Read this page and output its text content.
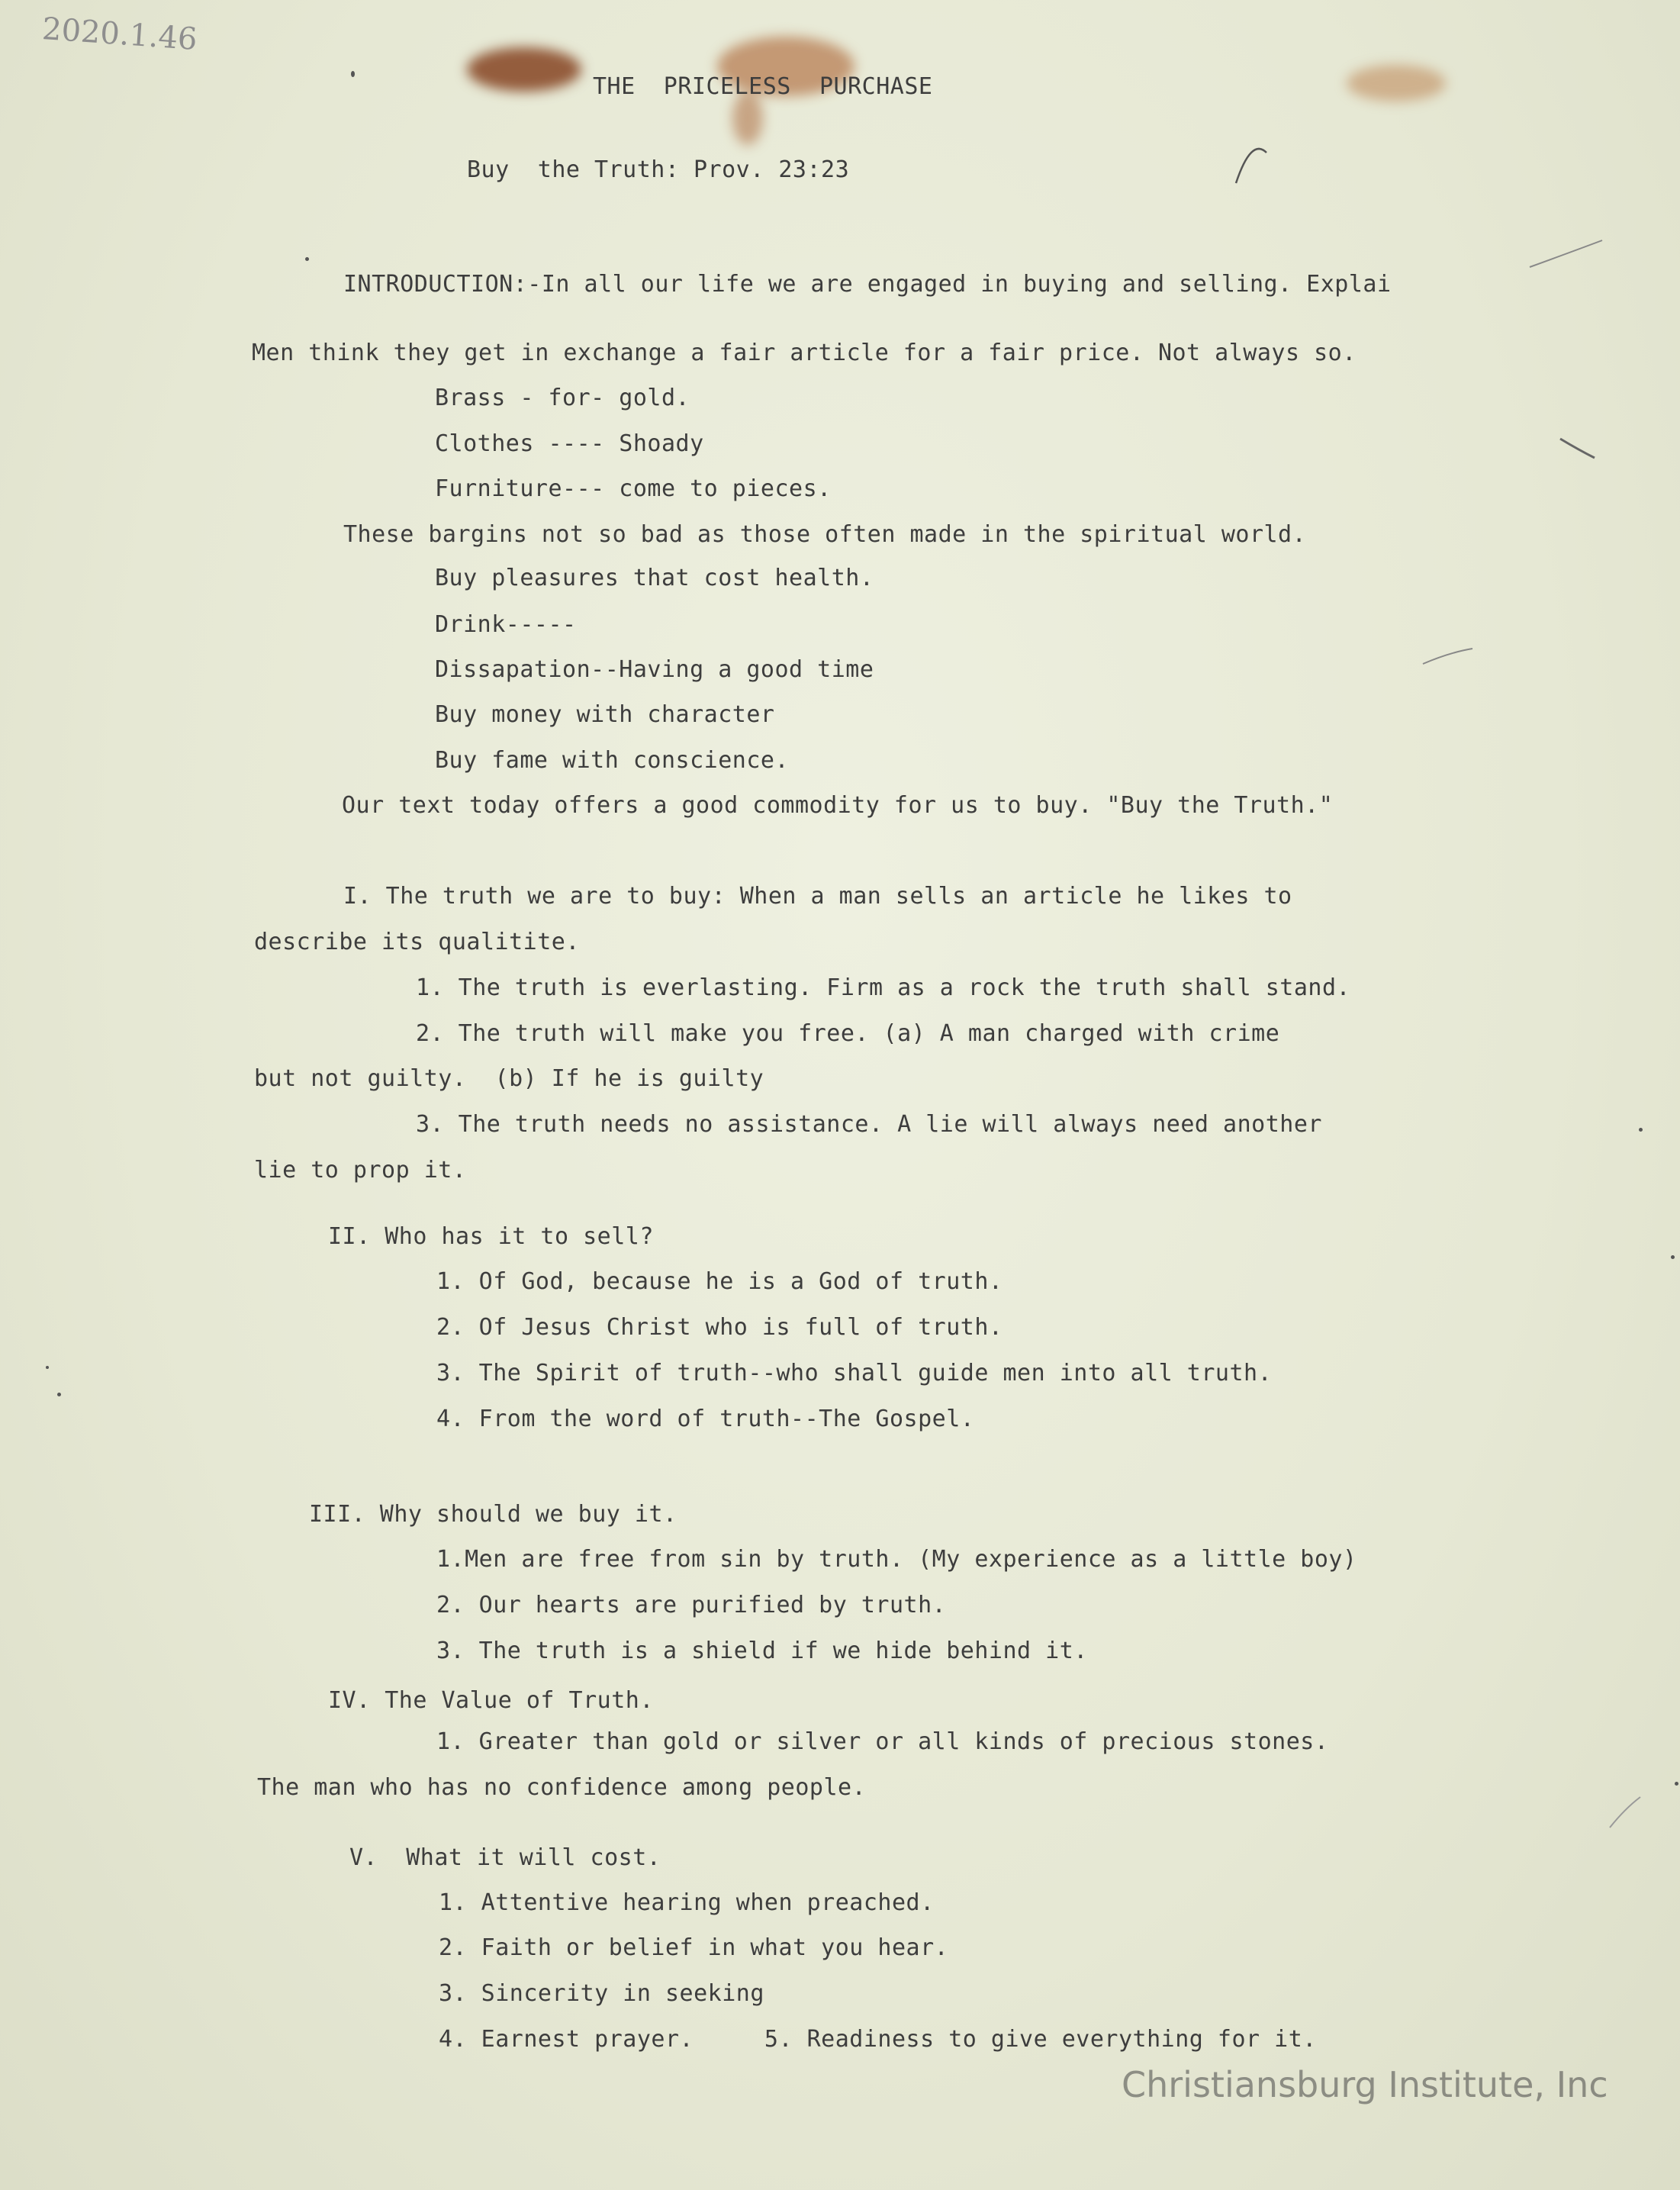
2020.1.46

THE  PRICELESS  PURCHASE

Buy  the Truth: Prov. 23:23

INTRODUCTION:-In all our life we are engaged in buying and selling. Explai

Men think they get in exchange a fair article for a fair price. Not always so.

Brass - for- gold.

Clothes ---- Shoady

Furniture--- come to pieces.

These bargins not so bad as those often made in the spiritual world.

Buy pleasures that cost health.

Drink-----

Dissapation--Having a good time

Buy money with character

Buy fame with conscience.

Our text today offers a good commodity for us to buy. "Buy the Truth."

I. The truth we are to buy: When a man sells an article he likes to

describe its qualitite.

1. The truth is everlasting. Firm as a rock the truth shall stand.

2. The truth will make you free. (a) A man charged with crime

but not guilty.  (b) If he is guilty

3. The truth needs no assistance. A lie will always need another

lie to prop it.

II. Who has it to sell?

1. Of God, because he is a God of truth.

2. Of Jesus Christ who is full of truth.

3. The Spirit of truth--who shall guide men into all truth.

4. From the word of truth--The Gospel.

III. Why should we buy it.

1.Men are free from sin by truth. (My experience as a little boy)

2. Our hearts are purified by truth.

3. The truth is a shield if we hide behind it.

IV. The Value of Truth.

1. Greater than gold or silver or all kinds of precious stones.

The man who has no confidence among people.

V.  What it will cost.

1. Attentive hearing when preached.

2. Faith or belief in what you hear.

3. Sincerity in seeking

4. Earnest prayer.     5. Readiness to give everything for it.

Christiansburg Institute, Inc
